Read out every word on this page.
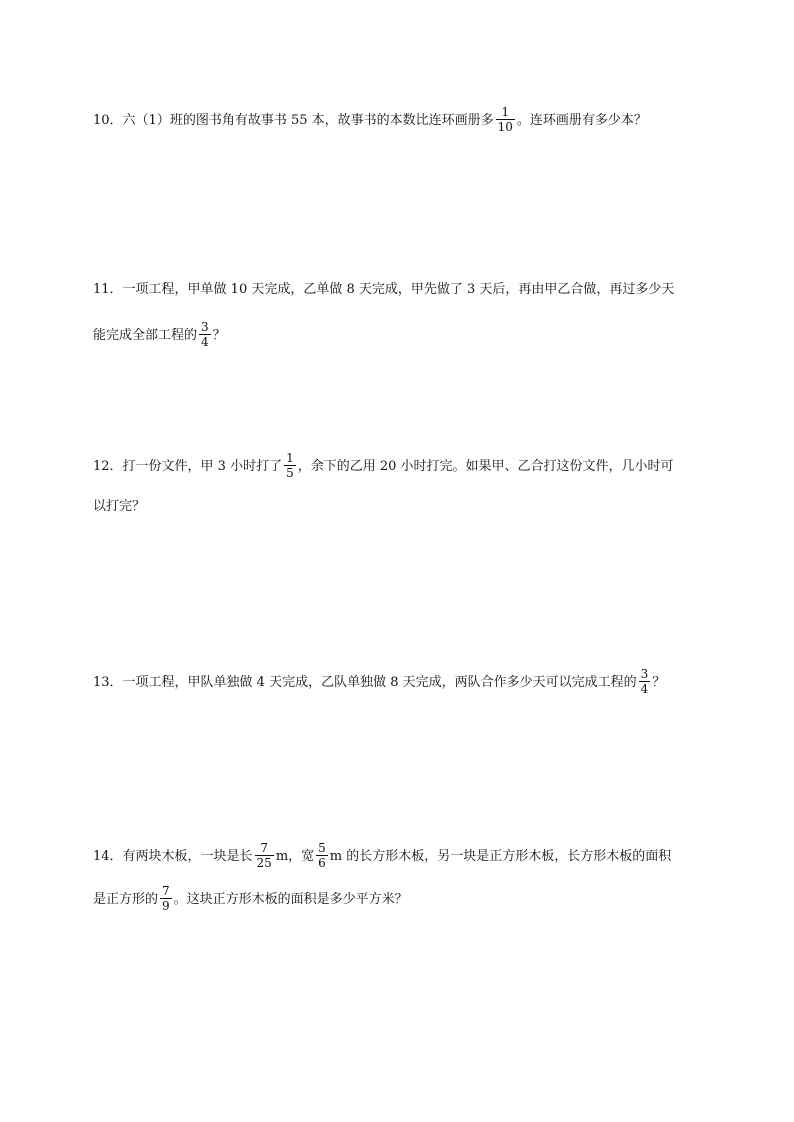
10．六（1）班的图书角有故事书 55 本，故事书的本数比连环画册多 $\frac{1}{10}$ 。连环画册有多少本？
11．一项工程，甲单做 10 天完成，乙单做 8 天完成，甲先做了 3 天后，再由甲乙合做，再过多少天
能完成全部工程的 $\frac{3}{4}$ ？
12．打一份文件，甲 3 小时打了 $\frac{1}{5}$ ，余下的乙用 20 小时打完。如果甲、乙合打这份文件，几小时可
以打完？
13．一项工程，甲队单独做 4 天完成，乙队单独做 8 天完成，两队合作多少天可以完成工程的 $\frac{3}{4}$ ？
14．有两块木板，一块是长 $\frac{7}{25}$ m，宽 $\frac{5}{6}$ m 的长方形木板，另一块是正方形木板，长方形木板的面积
是正方形的 $\frac{7}{9}$ 。这块正方形木板的面积是多少平方米？
